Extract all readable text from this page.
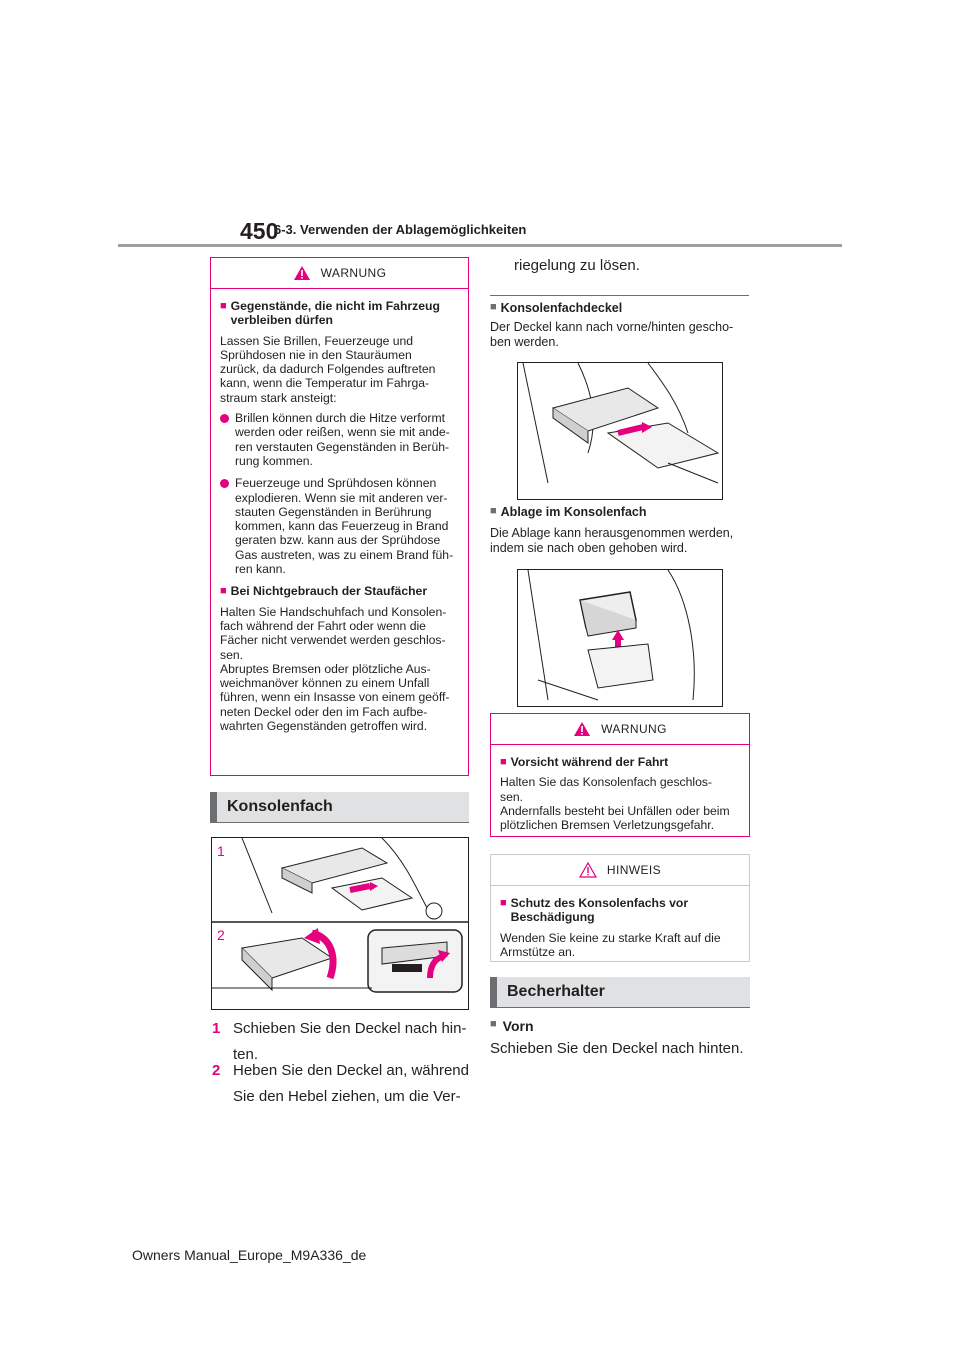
450
6-3. Verwenden der Ablagemöglichkeiten
WARNUNG
■ Gegenstände, die nicht im Fahrzeug
verbleiben dürfen

Lassen Sie Brillen, Feuerzeuge und
Sprühdosen nie in den Stauräumen
zurück, da dadurch Folgendes auftreten
kann, wenn die Temperatur im Fahrga-
straum stark ansteigt:

Brillen können durch die Hitze verformt
werden oder reißen, wenn sie mit ande-
ren verstauten Gegenständen in Berüh-
rung kommen.
Feuerzeuge und Sprühdosen können
explodieren. Wenn sie mit anderen ver-
stauten Gegenständen in Berührung
kommen, kann das Feuerzeug in Brand
geraten bzw. kann aus der Sprühdose
Gas austreten, was zu einem Brand füh-
ren kann.
■ Bei Nichtgebrauch der Staufächer

Halten Sie Handschuhfach und Konsolen-
fach während der Fahrt oder wenn die
Fächer nicht verwendet werden geschlos-
sen.
Abruptes Bremsen oder plötzliche Aus-
weichmanöver können zu einem Unfall
führen, wenn ein Insasse von einem geöff-
neten Deckel oder den im Fach aufbe-
wahrten Gegenständen getroffen wird.

Konsolenfach
1
2
1 Schieben Sie den Deckel nach hin-
ten.
2 Heben Sie den Deckel an, während
Sie den Hebel ziehen, um die Ver-
riegelung zu lösen.
■ Konsolenfachdeckel
Der Deckel kann nach vorne/hinten gescho-
ben werden.
■ Ablage im Konsolenfach
Die Ablage kann herausgenommen werden,
indem sie nach oben gehoben wird.
WARNUNG
■ Vorsicht während der Fahrt

Halten Sie das Konsolenfach geschlos-
sen.
Andernfalls besteht bei Unfällen oder beim
plötzlichen Bremsen Verletzungsgefahr.

HINWEIS
■ Schutz des Konsolenfachs vor
Beschädigung

Wenden Sie keine zu starke Kraft auf die
Armstütze an.

Becherhalter
■ Vorn
Schieben Sie den Deckel nach hinten.
Owners Manual_Europe_M9A336_de
